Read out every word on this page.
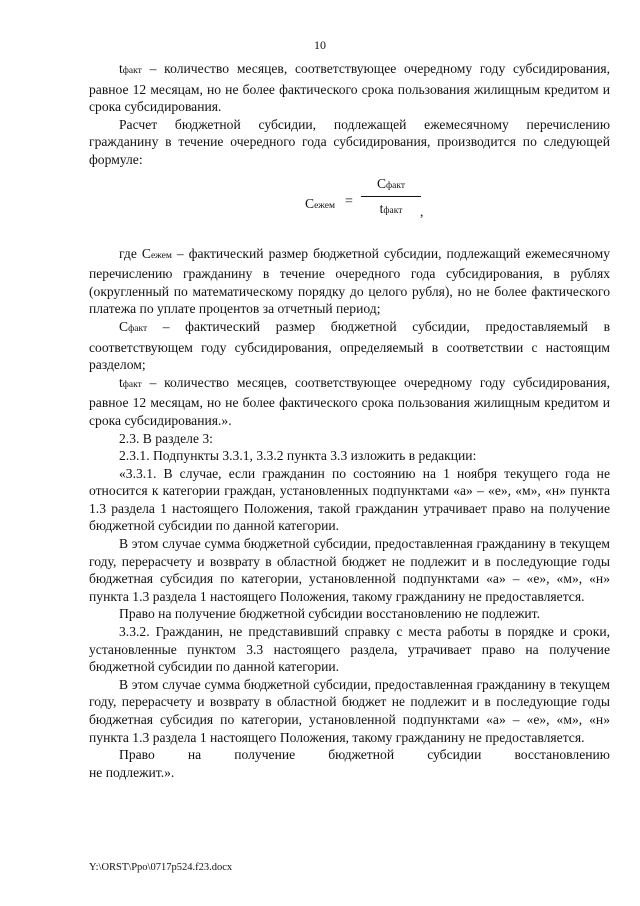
10

tфакт – количество месяцев, соответствующее очередному году субсидирования, равное 12 месяцам, но не более фактического срока пользования жилищным кредитом и срока субсидирования.

Расчет бюджетной субсидии, подлежащей ежемесячному перечислению гражданину в течение очередного года субсидирования, производится по следующей формуле:

Сежем =
Сфакт
tфакт	,

где Сежем – фактический размер бюджетной субсидии, подлежащий ежемесячному перечислению гражданину в течение очередного года субсидирования, в рублях (округленный по математическому порядку до целого рубля), но не более фактического платежа по уплате процентов за отчетный период;

Сфакт – фактический размер бюджетной субсидии, предоставляемый в соответствующем году субсидирования, определяемый в соответствии с настоящим разделом;

tфакт – количество месяцев, соответствующее очередному году субсидирования, равное 12 месяцам, но не более фактического срока пользования жилищным кредитом и срока субсидирования.».

2.3. В разделе 3:

2.3.1. Подпункты 3.3.1, 3.3.2 пункта 3.3 изложить в редакции:

«3.3.1. В случае, если гражданин по состоянию на 1 ноября текущего года не относится к категории граждан, установленных подпунктами «а» – «е», «м», «н» пункта 1.3 раздела 1 настоящего Положения, такой гражданин утрачивает право на получение бюджетной субсидии по данной категории.

В этом случае сумма бюджетной субсидии, предоставленная гражданину в текущем году, перерасчету и возврату в областной бюджет не подлежит и в последующие годы бюджетная субсидия по категории, установленной подпунктами «а» – «е», «м», «н» пункта 1.3 раздела 1 настоящего Положения, такому гражданину не предоставляется.

Право на получение бюджетной субсидии восстановлению не подлежит.

3.3.2. Гражданин, не представивший справку с места работы в порядке и сроки, установленные пунктом 3.3 настоящего раздела, утрачивает право на получение бюджетной субсидии по данной категории.

В этом случае сумма бюджетной субсидии, предоставленная гражданину в текущем году, перерасчету и возврату в областной бюджет не подлежит и в последующие годы бюджетная субсидия по категории, установленной подпунктами «а» – «е», «м», «н» пункта 1.3 раздела 1 настоящего Положения, такому гражданину не предоставляется.

Право на получение бюджетной субсидии восстановлению
не подлежит.».
Y:\ORST\Ppo\0717p524.f23.docx
